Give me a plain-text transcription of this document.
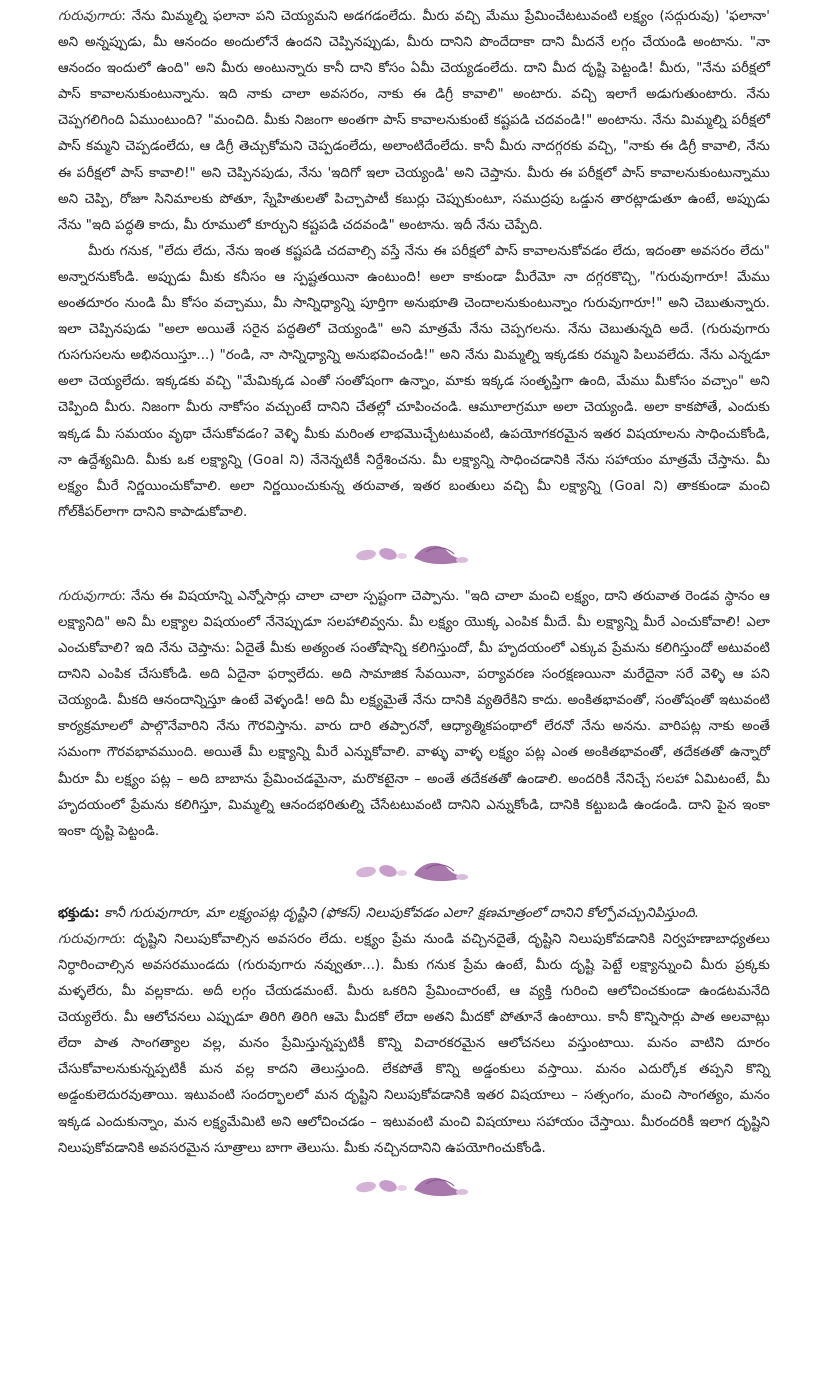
గురువుగారు: నేను మిమ్మల్ని ఫలానా పని చెయ్యమని అడగడంలేదు. మీరు వచ్చి మేము ప్రేమించేటటువంటి లక్ష్యం (సద్గురువు) 'ఫలానా' అని అన్నప్పుడు, మీ ఆనందం అందులోనే ఉందని చెప్పినప్పుడు, మీరు దానిని పొందేదాకా దాని మీదనే లగ్గం చేయండి అంటాను. "నా ఆనందం ఇందులో ఉంది" అని మీరు అంటున్నారు కానీ దాని కోసం ఏమీ చెయ్యడంలేదు. దాని మీద దృష్టి పెట్టండి! మీరు, "నేను పరీక్షలో పాస్ కావాలనుకుంటున్నాను. ఇది నాకు చాలా అవసరం, నాకు ఈ డిగ్రీ కావాలి" అంటారు. వచ్చి ఇలాగే అడుగుతుంటారు. నేను చెప్పగలిగింది ఏముంటుంది? "మంచిది. మీకు నిజంగా అంతగా పాస్ కావాలనుకుంటే కష్టపడి చదవండి!" అంటాను. నేను మిమ్మల్ని పరీక్షలో పాస్ కమ్మని చెప్పడంలేదు, ఆ డిగ్రీ తెచ్చుకోమని చెప్పడంలేదు, అలాంటిదేంలేదు. కానీ మీరు నాదగ్గరకు వచ్చి, "నాకు ఈ డిగ్రీ కావాలి, నేను ఈ పరీక్షలో పాస్ కావాలి!" అని చెప్పినపుడు, నేను 'ఇదిగో ఇలా చెయ్యండి' అని చెప్తాను. మీరు ఈ పరీక్షలో పాస్ కావాలనుకుంటున్నాము అని చెప్పి, రోజూ సినిమాలకు పోతూ, స్నేహితులతో పిచ్చాపాటీ కబుర్లు చెప్పుకుంటూ, సముద్రపు ఒడ్డున తారట్లాడుతూ ఉంటే, అప్పుడు నేను "ఇది పద్ధతి కాదు, మీ రూములో కూర్చుని కష్టపడి చదవండి" అంటాను. ఇదీ నేను చెప్పేది.

మీరు గనుక, "లేదు లేదు, నేను ఇంత కష్టపడి చదవాల్సి వస్తే నేను ఈ పరీక్షలో పాస్ కావాలనుకోవడం లేదు, ఇదంతా అవసరం లేదు" అన్నారనుకోండి. అప్పుడు మీకు కనీసం ఆ స్పష్టతయినా ఉంటుంది! అలా కాకుండా మీరేమో నా దగ్గరకొచ్చి, "గురువుగారూ! మేము అంతదూరం నుండి మీ కోసం వచ్చాము, మీ సాన్నిధ్యాన్ని పూర్తిగా అనుభూతి చెందాలనుకుంటున్నాం గురువుగారూ!" అని చెబుతున్నారు. ఇలా చెప్పినపుడు "అలా అయితే సరైన పద్ధతిలో చెయ్యండి" అని మాత్రమే నేను చెప్పగలను. నేను చెబుతున్నది అదే. (గురువుగారు గుసగుసలను అభినయిస్తూ...) "రండి, నా సాన్నిధ్యాన్ని అనుభవించండి!" అని నేను మిమ్మల్ని ఇక్కడకు రమ్మని పిలువలేదు. నేను ఎన్నడూ అలా చెయ్యలేదు. ఇక్కడకు వచ్చి "మేమిక్కడ ఎంతో సంతోషంగా ఉన్నాం, మాకు ఇక్కడ సంతృప్తిగా ఉంది, మేము మీకోసం వచ్చాం" అని చెప్పింది మీరు. నిజంగా మీరు నాకోసం వచ్చుంటే దానిని చేతల్లో చూపించండి. ఆమూలాగ్రమూ అలా చెయ్యండి. అలా కాకపోతే, ఎందుకు ఇక్కడ మీ సమయం వృథా చేసుకోవడం? వెళ్ళి మీకు మరింత లాభమొచ్చేటటువంటి, ఉపయోగకరమైన ఇతర విషయాలను సాధించుకోండి, నా ఉద్దేశ్యమిది. మీకు ఒక లక్ష్యాన్ని (Goal ని) నేనెన్నటికీ నిర్దేశించను. మీ లక్ష్యాన్ని సాధించడానికి నేను సహాయం మాత్రమే చేస్తాను. మీ లక్ష్యం మీరే నిర్ణయించుకోవాలి. అలా నిర్ణయించుకున్న తరువాత, ఇతర బంతులు వచ్చి మీ లక్ష్యాన్ని (Goal ని) తాకకుండా మంచి గోల్‌కీపర్‌లాగా దానిని కాపాడుకోవాలి.

గురువుగారు: నేను ఈ విషయాన్ని ఎన్నోసార్లు చాలా చాలా స్పష్టంగా చెప్పాను. "ఇది చాలా మంచి లక్ష్యం, దాని తరువాత రెండవ స్థానం ఆ లక్ష్యానిది" అని మీ లక్ష్యాల విషయంలో నేనెప్పుడూ సలహాలివ్వను. మీ లక్ష్యం యొక్క ఎంపిక మీదే. మీ లక్ష్యాన్ని మీరే ఎంచుకోవాలి! ఎలా ఎంచుకోవాలి? ఇది నేను చెప్తాను: ఏదైతే మీకు అత్యంత సంతోషాన్ని కలిగిస్తుందో, మీ హృదయంలో ఎక్కువ ప్రేమను కలిగిస్తుందో అటువంటి దానిని ఎంపిక చేసుకోండి. అది ఏదైనా ఫర్వాలేదు. అది సామాజిక సేవయినా, పర్యావరణ సంరక్షణయినా మరేదైనా సరే వెళ్ళి ఆ పని చెయ్యండి. మీకది ఆనందాన్నిస్తూ ఉంటే వెళ్ళండి! అది మీ లక్ష్యమైతే నేను దానికి వ్యతిరేకిని కాదు. అంకితభావంతో, సంతోషంతో ఇటువంటి కార్యక్రమాలలో పాల్గొనేవారిని నేను గౌరవిస్తాను. వారు దారి తప్పారనో, ఆధ్యాత్మికపంథాలో లేరనో నేను అనను. వారిపట్ల నాకు అంతే సమంగా గౌరవభావముంది. అయితే మీ లక్ష్యాన్ని మీరే ఎన్నుకోవాలి. వాళ్ళు వాళ్ళ లక్ష్యం పట్ల ఎంత అంకితభావంతో, తదేకతతో ఉన్నారో మీరూ మీ లక్ష్యం పట్ల – అది బాబాను ప్రేమించడమైనా, మరొకటైనా – అంతే తదేకతతో ఉండాలి. అందరికీ నేనిచ్చే సలహా ఏమిటంటే, మీ హృదయంలో ప్రేమను కలిగిస్తూ, మిమ్మల్ని ఆనందభరితుల్ని చేసేటటువంటి దానిని ఎన్నుకోండి, దానికి కట్టుబడి ఉండండి. దాని పైన ఇంకా ఇంకా దృష్టి పెట్టండి.

భక్తుడు: కానీ గురువుగారూ, మా లక్ష్యంపట్ల దృష్టిని (ఫోకస్) నిలుపుకోవడం ఎలా? క్షణమాత్రంలో దానిని కోల్పోవచ్చునిపిస్తుంది.

గురువుగారు: దృష్టిని నిలుపుకోవాల్సిన అవసరం లేదు. లక్ష్యం ప్రేమ నుండి వచ్చినదైతే, దృష్టిని నిలుపుకోవడానికి నిర్వహణాబాధ్యతలు నిర్ధారించాల్సిన అవసరముండదు (గురువుగారు నవ్వుతూ...). మీకు గనుక ప్రేమ ఉంటే, మీరు దృష్టి పెట్టే లక్ష్యాన్నుంచి మీరు ప్రక్కకు మళ్ళలేరు, మీ వల్లకాదు. అదీ లగ్గం చేయడమంటే. మీరు ఒకరిని ప్రేమించారంటే, ఆ వ్యక్తి గురించి ఆలోచించకుండా ఉండటమనేది చెయ్యలేరు. మీ ఆలోచనలు ఎప్పుడూ తిరిగి తిరిగి ఆమె మీదకో లేదా అతని మీదకో పోతూనే ఉంటాయి. కానీ కొన్నిసార్లు పాత అలవాట్లు లేదా పాత సాంగత్యాల వల్ల, మనం ప్రేమిస్తున్నప్పటికీ కొన్ని విచారకరమైన ఆలోచనలు వస్తుంటాయి. మనం వాటిని దూరం చేసుకోవాలనుకున్నప్పటికీ మన వల్ల కాదని తెలుస్తుంది. లేకపోతే కొన్ని అడ్డంకులు వస్తాయి. మనం ఎదుర్కోక తప్పని కొన్ని అడ్డంకులెదురవుతాయి. ఇటువంటి సందర్భాలలో మన దృష్టిని నిలుపుకోవడానికి ఇతర విషయాలు – సత్సంగం, మంచి సాంగత్యం, మనం ఇక్కడ ఎందుకున్నాం, మన లక్ష్యమేమిటి అని ఆలోచించడం – ఇటువంటి మంచి విషయాలు సహాయం చేస్తాయి. మీరందరికీ ఇలాగ దృష్టిని నిలుపుకోవడానికి అవసరమైన సూత్రాలు బాగా తెలుసు. మీకు నచ్చినదానిని ఉపయోగించుకోండి.
